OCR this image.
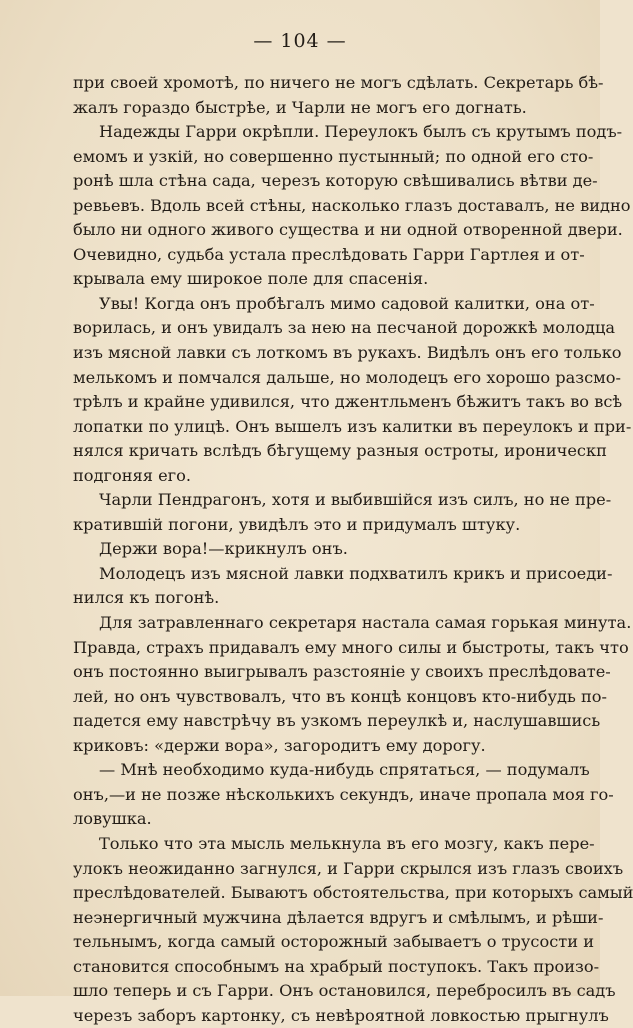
— 104 —
при своей хромотѣ, по ничего не могъ сдѣлать. Секретарь бѣ-
жалъ гораздо быстрѣе, и Чарли не могъ его догнать.
Надежды Гарри окрѣпли. Переулокъ былъ съ крутымъ подъ-
емомъ и узкій, но совершенно пустынный; по одной его сто-
ронѣ шла стѣна сада, черезъ которую свѣшивались вѣтви де-
ревьевъ. Вдоль всей стѣны, насколько глазъ доставалъ, не видно
было ни одного живого существа и ни одной отворенной двери.
Очевидно, судьба устала преслѣдовать Гарри Гартлея и от-
крывала ему широкое поле для спасенія.
Увы! Когда онъ пробѣгалъ мимо садовой калитки, она от-
ворилась, и онъ увидалъ за нею на песчаной дорожкѣ молодца
изъ мясной лавки съ лоткомъ въ рукахъ. Видѣлъ онъ его только
мелькомъ и помчался дальше, но молодецъ его хорошо разсмо-
трѣлъ и крайне удивился, что джентльменъ бѣжитъ такъ во всѣ
лопатки по улицѣ. Онъ вышелъ изъ калитки въ переулокъ и при-
нялся кричать вслѣдъ бѣгущему разныя остроты, ироническп
подгоняя его.
Чарли Пендрагонъ, хотя и выбившійся изъ силъ, но не пре-
кратившій погони, увидѣлъ это и придумалъ штуку.
Держи вора!—крикнулъ онъ.
Молодецъ изъ мясной лавки подхватилъ крикъ и присоеди-
нился къ погонѣ.
Для затравленнаго секретаря настала самая горькая минута.
Правда, страхъ придавалъ ему много силы и быстроты, такъ что
онъ постоянно выигрывалъ разстояніе у своихъ преслѣдовате-
лей, но онъ чувствовалъ, что въ концѣ концовъ кто-нибудь по-
падется ему навстрѣчу въ узкомъ переулкѣ и, наслушавшись
криковъ: «держи вора», загородитъ ему дорогу.
— Мнѣ необходимо куда-нибудь спрятаться, — подумалъ
онъ,—и не позже нѣсколькихъ секундъ, иначе пропала моя го-
ловушка.
Только что эта мысль мелькнула въ его мозгу, какъ пере-
улокъ неожиданно загнулся, и Гарри скрылся изъ глазъ своихъ
преслѣдователей. Бываютъ обстоятельства, при которыхъ самый
неэнергичный мужчина дѣлается вдругъ и смѣлымъ, и рѣши-
тельнымъ, когда самый осторожный забываетъ о трусости и
становится способнымъ на храбрый поступокъ. Такъ произо-
шло теперь и съ Гарри. Онъ остановился, перебросилъ въ садъ
черезъ заборъ картонку, съ невѣроятной ловкостью прыгнулъ
